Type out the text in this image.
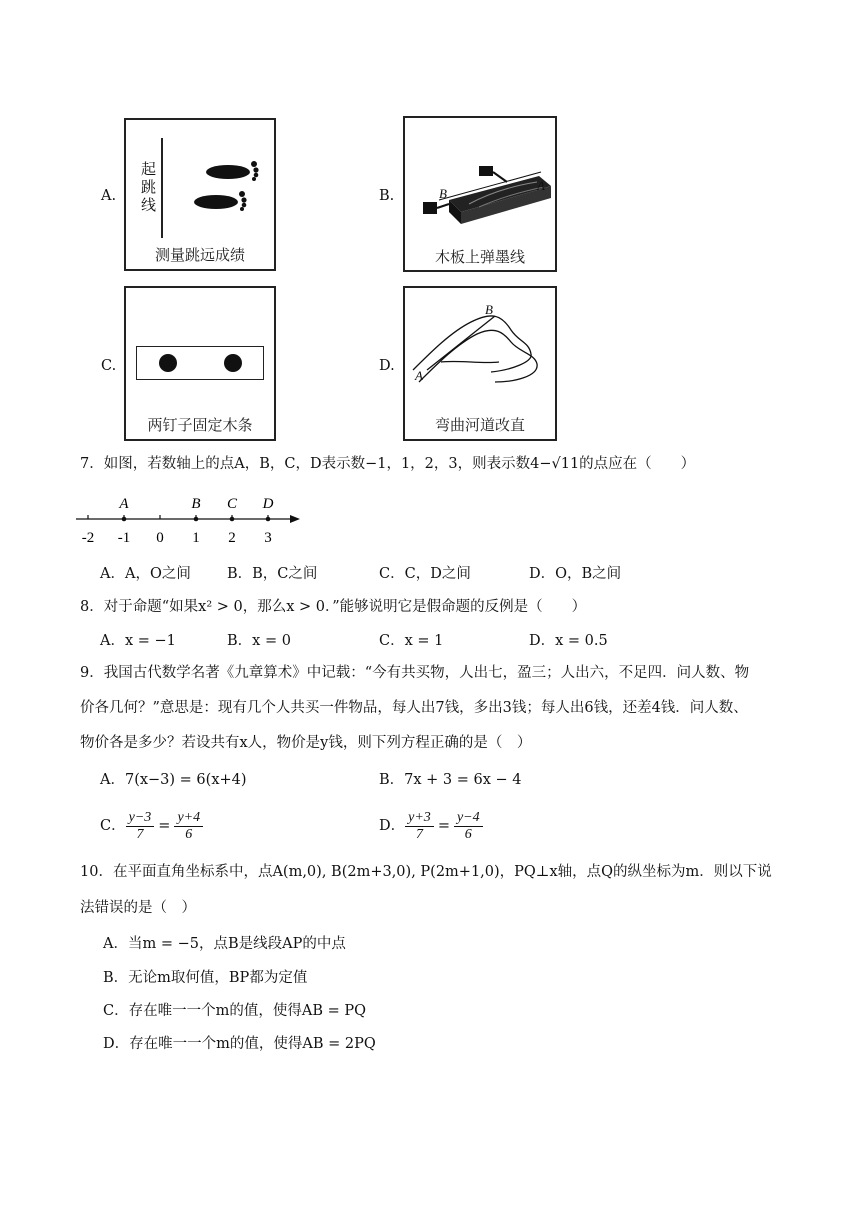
A.
起跳线
测量跳远成绩
B.	B
A
木板上弹墨线
C.
两钉子固定木条
D.
B
A
弯曲河道改直
7．如图，若数轴上的点A，B，C，D表示数−1，1，2，3，则表示数4−√11的点应在（　　）
-2 -1 0 1 2 3
A	B C D
A．A，O之间 B．B，C之间	C．C，D之间	D．O，B之间
8．对于命题“如果x² > 0，那么x > 0．”能够说明它是假命题的反例是（　　）
A．x = −1	B．x = 0	C．x = 1	D．x = 0.5
9．我国古代数学名著《九章算术》中记载：“今有共买物，人出七，盈三；人出六，不足四．问人数、物
价各几何？”意思是：现有几个人共买一件物品，每人出7钱，多出3钱；每人出6钱，还差4钱．问人数、
物价各是多少？若设共有x人，物价是y钱，则下列方程正确的是（　）
A．7(x−3) = 6(x+4)	B．7x + 3 = 6x − 4
C． $\frac{y-3}{7} = \frac{y+4}{6}$	D． $\frac{y+3}{7} = \frac{y-4}{6}$
10．在平面直角坐标系中，点A(m,0), B(2m+3,0), P(2m+1,0)，PQ⊥x轴，点Q的纵坐标为m．则以下说
法错误的是（　）
A．当m = −5，点B是线段AP的中点
B．无论m取何值，BP都为定值
C．存在唯一一个m的值，使得AB = PQ
D．存在唯一一个m的值，使得AB = 2PQ
